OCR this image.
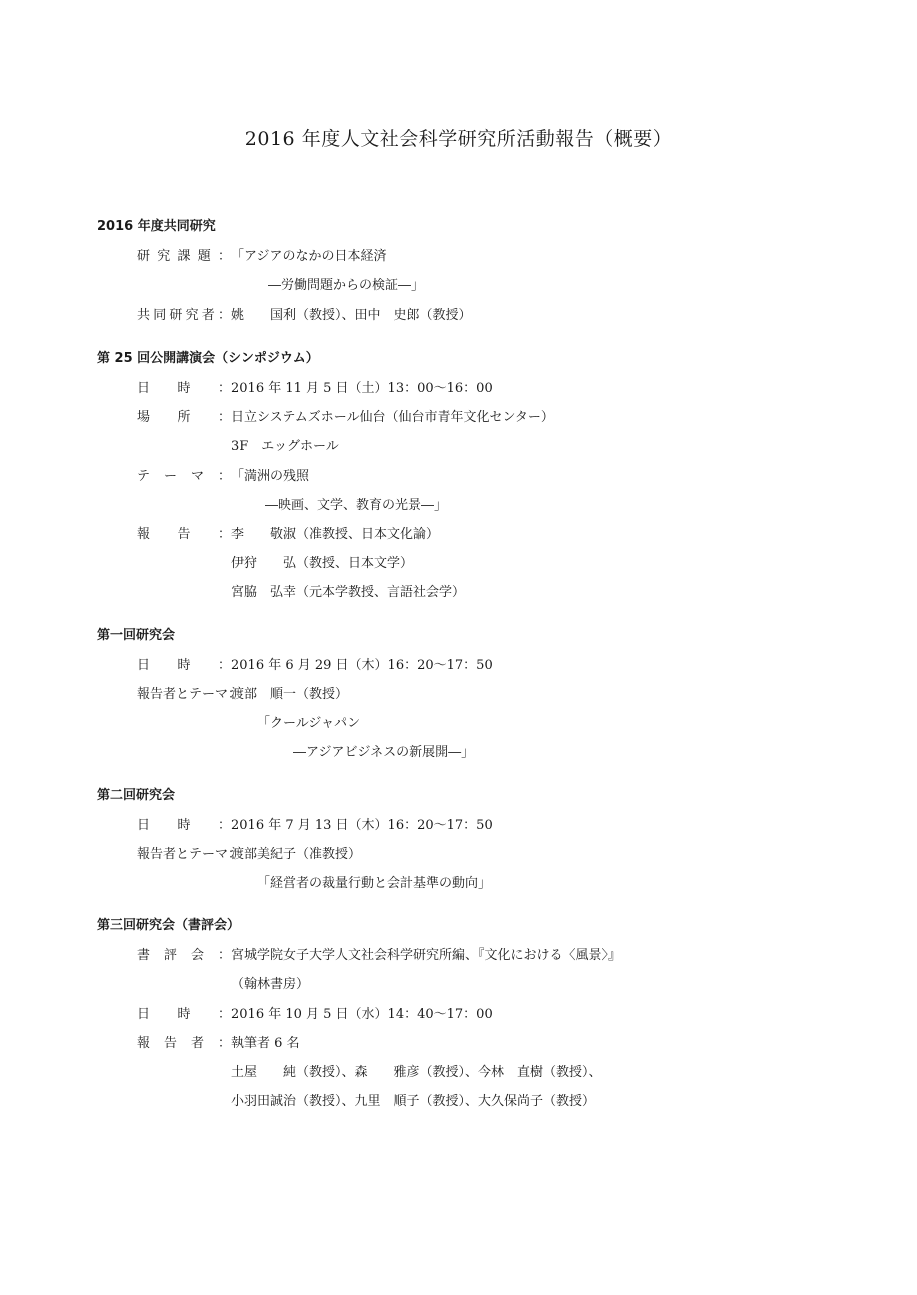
2016 年度人文社会科学研究所活動報告（概要）
2016 年度共同研究
研究課題： 「アジアのなかの日本経済
―労働問題からの検証―」
共同研究者： 姚　　国利（教授）、田中　史郎（教授）
第 25 回公開講演会（シンポジウム）
日時： 2016 年 11 月 5 日（土）13：00～16：00
場所： 日立システムズホール仙台（仙台市青年文化センター）
3F　エッグホール
テーマ： 「満洲の残照
―映画、文学、教育の光景―」
報告： 李　　敬淑（准教授、日本文化論）
伊狩　　弘（教授、日本文学）
宮脇　弘幸（元本学教授、言語社会学）
第一回研究会
日時： 2016 年 6 月 29 日（木）16：20～17：50
報告者とテーマ：
渡部　順一（教授）
「クールジャパン
―アジアビジネスの新展開―」
第二回研究会
日時： 2016 年 7 月 13 日（木）16：20～17：50
報告者とテーマ：
渡部美紀子（准教授）
「経営者の裁量行動と会計基準の動向」
第三回研究会（書評会）
書評会： 宮城学院女子大学人文社会科学研究所編、『文化における〈風景〉』
（翰林書房）
日時： 2016 年 10 月 5 日（水）14：40～17：00
報告者： 執筆者 6 名
土屋　　純（教授）、森　　雅彦（教授）、今林　直樹（教授）、
小羽田誠治（教授）、九里　順子（教授）、大久保尚子（教授）
